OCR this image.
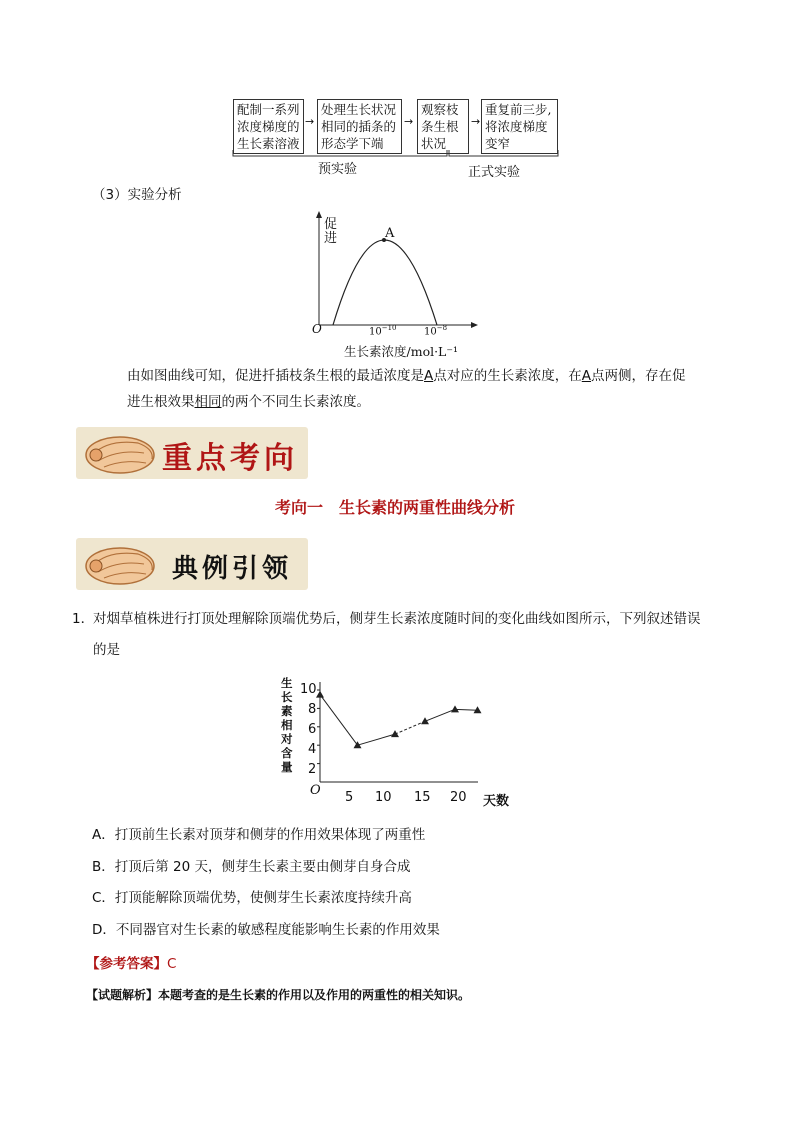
配制一系列
浓度梯度的
生长素溶液
→
处理生长状况
相同的插条的
形态学下端
→
观察枝
条生根
状况
→
重复前三步,
将浓度梯度
变窄
预实验	正式实验
（3）实验分析
促
进	A
O	$10^{-10}$	$10^{-8}$
生长素浓度/mol·L⁻¹
由如图曲线可知，促进扦插枝条生根的最适浓度是A点对应的生长素浓度，在A点两侧，存在促
进生根效果相同的两个不同生长素浓度。
重点考向
考向一　生长素的两重性曲线分析
典例引领
1．
对烟草植株进行打顶处理解除顶端优势后，侧芽生长素浓度随时间的变化曲线如图所示，下列叙述错误
的是
生
长
素
相
对
含
量
10
8
6
4
2
O 5 10 15 20 天数
A．打顶前生长素对顶芽和侧芽的作用效果体现了两重性
B．打顶后第 20 天，侧芽生长素主要由侧芽自身合成
C．打顶能解除顶端优势，使侧芽生长素浓度持续升高
D．不同器官对生长素的敏感程度能影响生长素的作用效果
【参考答案】C
【试题解析】本题考查的是生长素的作用以及作用的两重性的相关知识。
